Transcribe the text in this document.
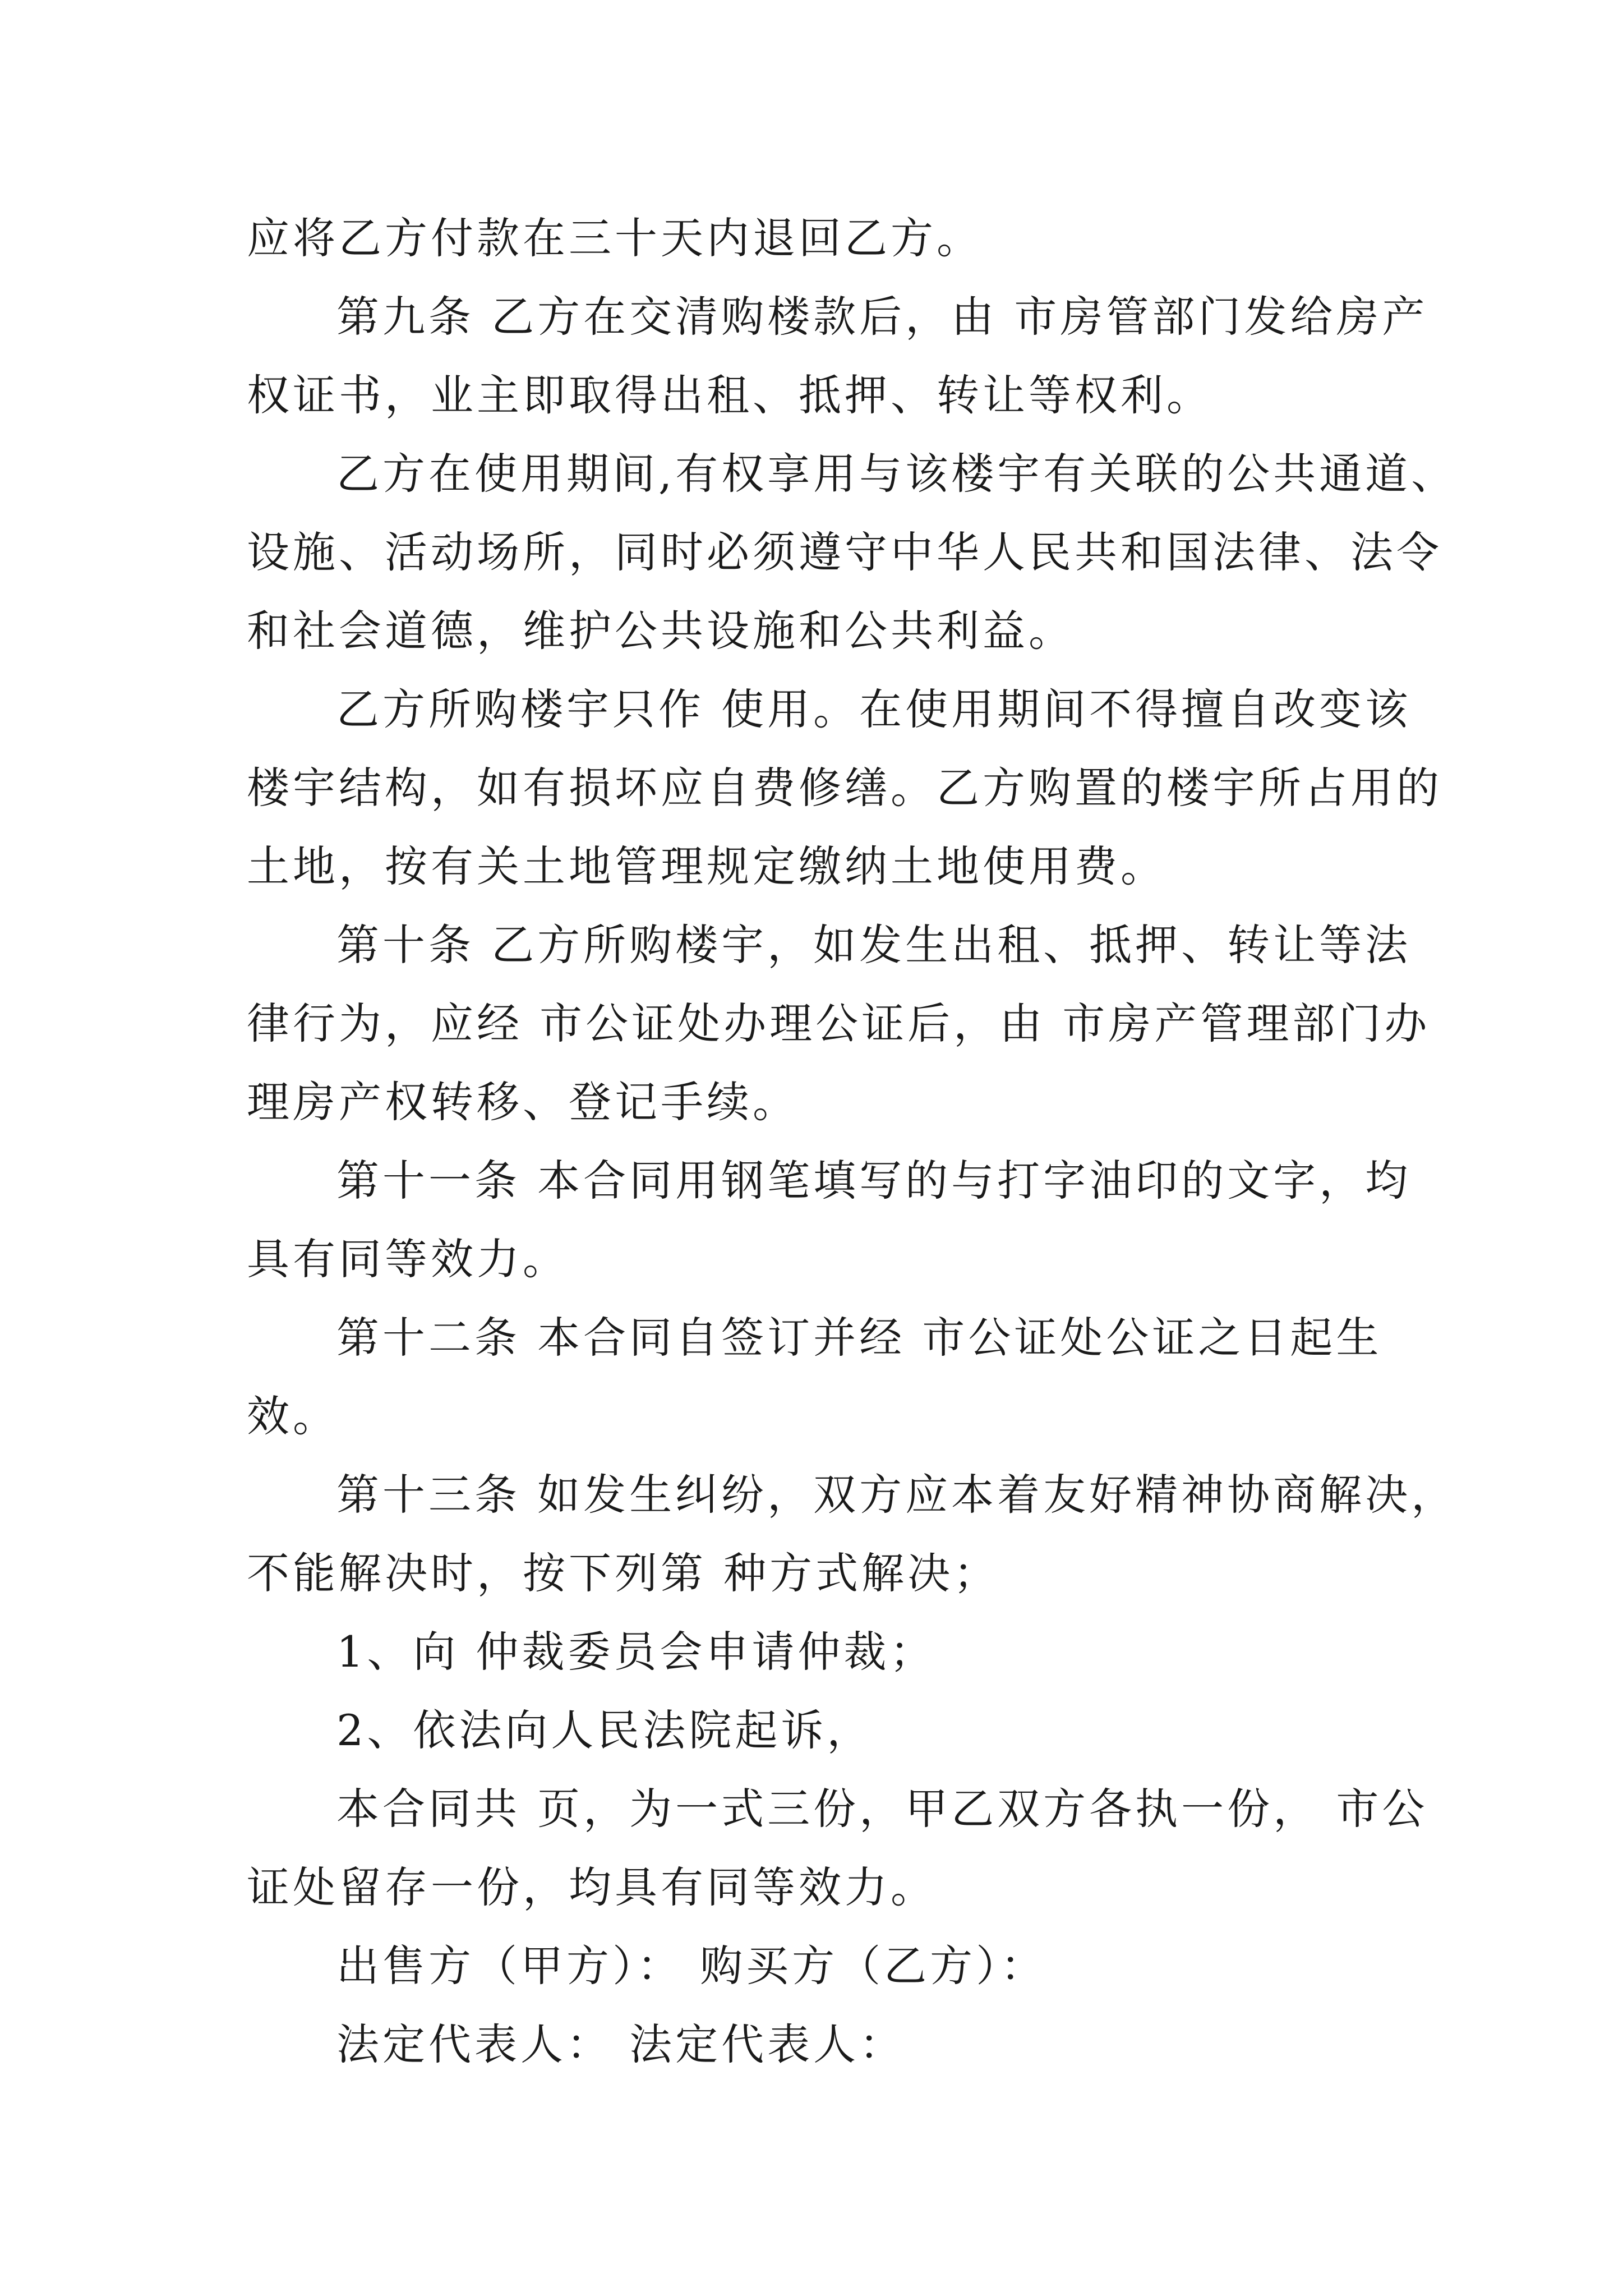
应将乙方付款在三十天内退回乙方。

第九条 乙方在交清购楼款后，由 市房管部门发给房产
权证书，业主即取得出租、抵押、转让等权利。

乙方在使用期间,有权享用与该楼宇有关联的公共通道、
设施、活动场所，同时必须遵守中华人民共和国法律、法令
和社会道德，维护公共设施和公共利益。

乙方所购楼宇只作 使用。在使用期间不得擅自改变该
楼宇结构，如有损坏应自费修缮。乙方购置的楼宇所占用的
土地，按有关土地管理规定缴纳土地使用费。

第十条 乙方所购楼宇，如发生出租、抵押、转让等法
律行为，应经 市公证处办理公证后，由 市房产管理部门办
理房产权转移、登记手续。

第十一条 本合同用钢笔填写的与打字油印的文字，均
具有同等效力。

第十二条 本合同自签订并经 市公证处公证之日起生
效。

第十三条 如发生纠纷，双方应本着友好精神协商解决，
不能解决时，按下列第 种方式解决；

1、向 仲裁委员会申请仲裁；

2、依法向人民法院起诉，

本合同共 页，为一式三份，甲乙双方各执一份， 市公
证处留存一份，均具有同等效力。

出售方（甲方）： 购买方（乙方）：

法定代表人： 法定代表人：
